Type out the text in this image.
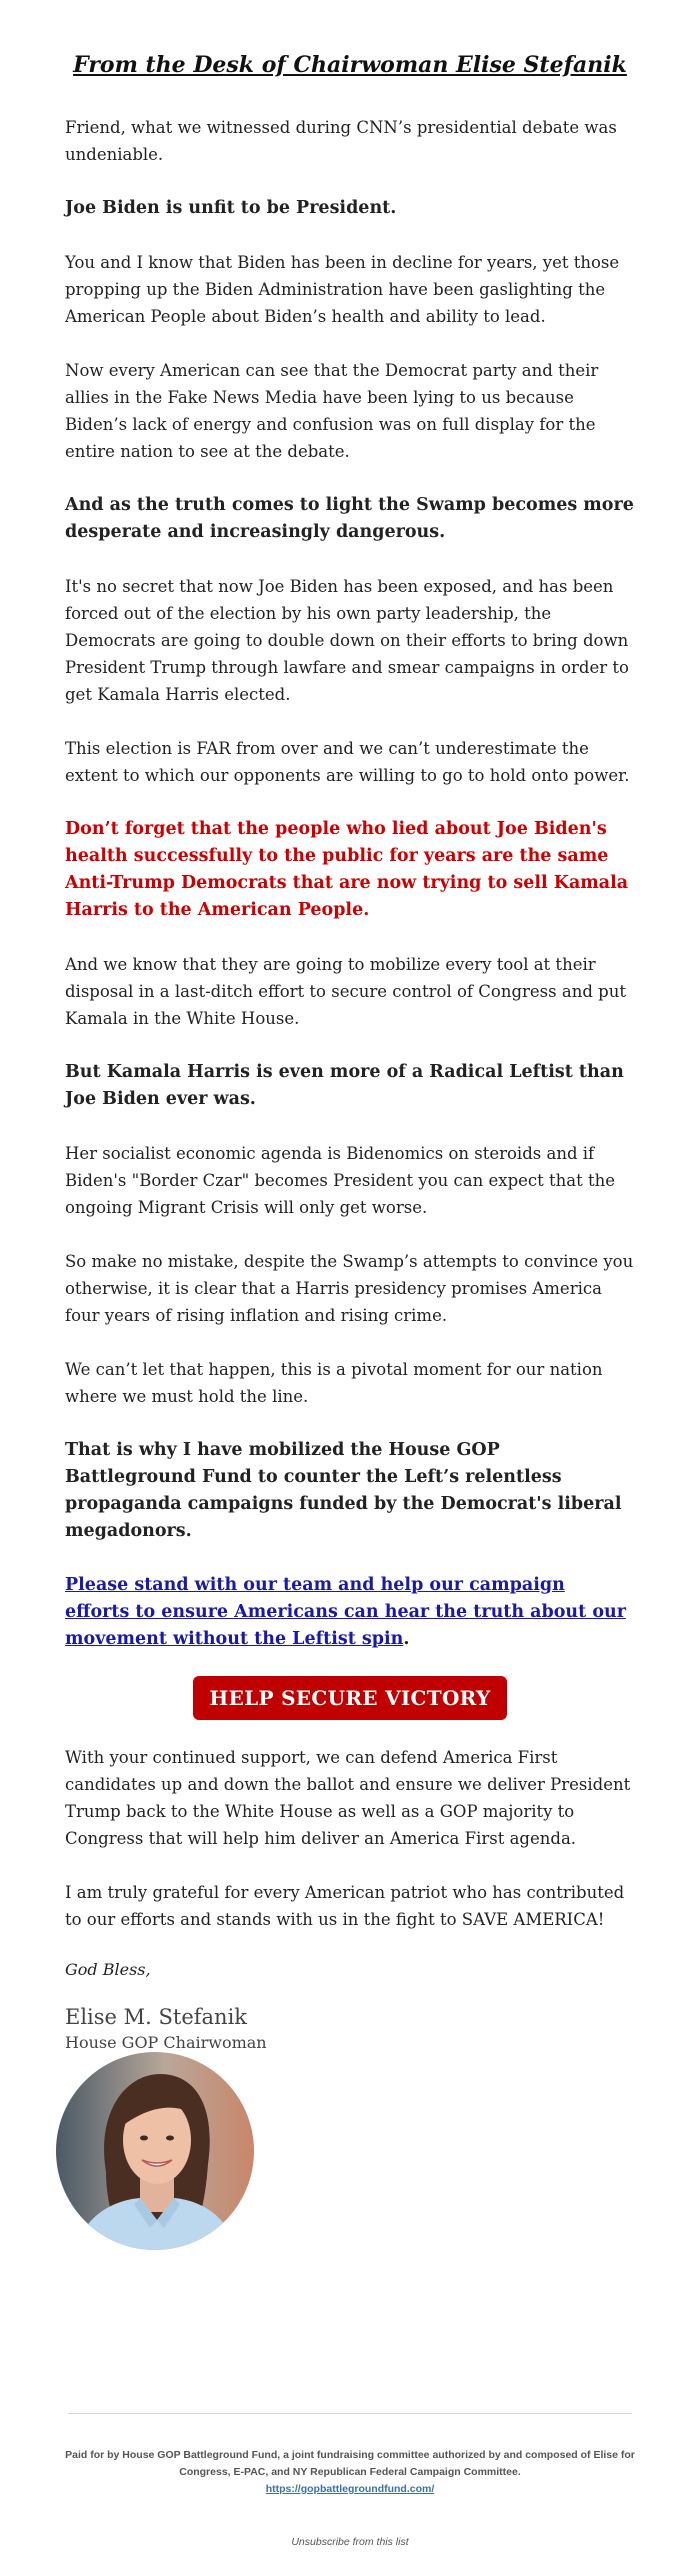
From the Desk of Chairwoman Elise Stefanik

Friend, what we witnessed during CNN’s presidential debate was undeniable.

Joe Biden is unfit to be President.

You and I know that Biden has been in decline for years, yet those propping up the Biden Administration have been gaslighting the American People about Biden’s health and ability to lead.

Now every American can see that the Democrat party and their allies in the Fake News Media have been lying to us because Biden’s lack of energy and confusion was on full display for the entire nation to see at the debate.

And as the truth comes to light the Swamp becomes more desperate and increasingly dangerous.

It's no secret that now Joe Biden has been exposed, and has been forced out of the election by his own party leadership, the Democrats are going to double down on their efforts to bring down President Trump through lawfare and smear campaigns in order to get Kamala Harris elected.

This election is FAR from over and we can’t underestimate the extent to which our opponents are willing to go to hold onto power.

Don’t forget that the people who lied about Joe Biden's health successfully to the public for years are the same Anti-Trump Democrats that are now trying to sell Kamala Harris to the American People.

And we know that they are going to mobilize every tool at their disposal in a last-ditch effort to secure control of Congress and put Kamala in the White House.

But Kamala Harris is even more of a Radical Leftist than Joe Biden ever was.

Her socialist economic agenda is Bidenomics on steroids and if Biden's "Border Czar" becomes President you can expect that the ongoing Migrant Crisis will only get worse.

So make no mistake, despite the Swamp’s attempts to convince you otherwise, it is clear that a Harris presidency promises America four years of rising inflation and rising crime.

We can’t let that happen, this is a pivotal moment for our nation where we must hold the line.

That is why I have mobilized the House GOP Battleground Fund to counter the Left’s relentless propaganda campaigns funded by the Democrat's liberal megadonors.

Please stand with our team and help our campaign efforts to ensure Americans can hear the truth about our movement without the Leftist spin.

HELP SECURE VICTORY

With your continued support, we can defend America First candidates up and down the ballot and ensure we deliver President Trump back to the White House as well as a GOP majority to Congress that will help him deliver an America First agenda.

I am truly grateful for every American patriot who has contributed to our efforts and stands with us in the fight to SAVE AMERICA!

God Bless,
Elise M. Stefanik
House GOP Chairwoman
Paid for by House GOP Battleground Fund, a joint fundraising committee authorized by and composed of Elise for Congress, E-PAC, and NY Republican Federal Campaign Committee.
https://gopbattlegroundfund.com/
Unsubscribe from this list
